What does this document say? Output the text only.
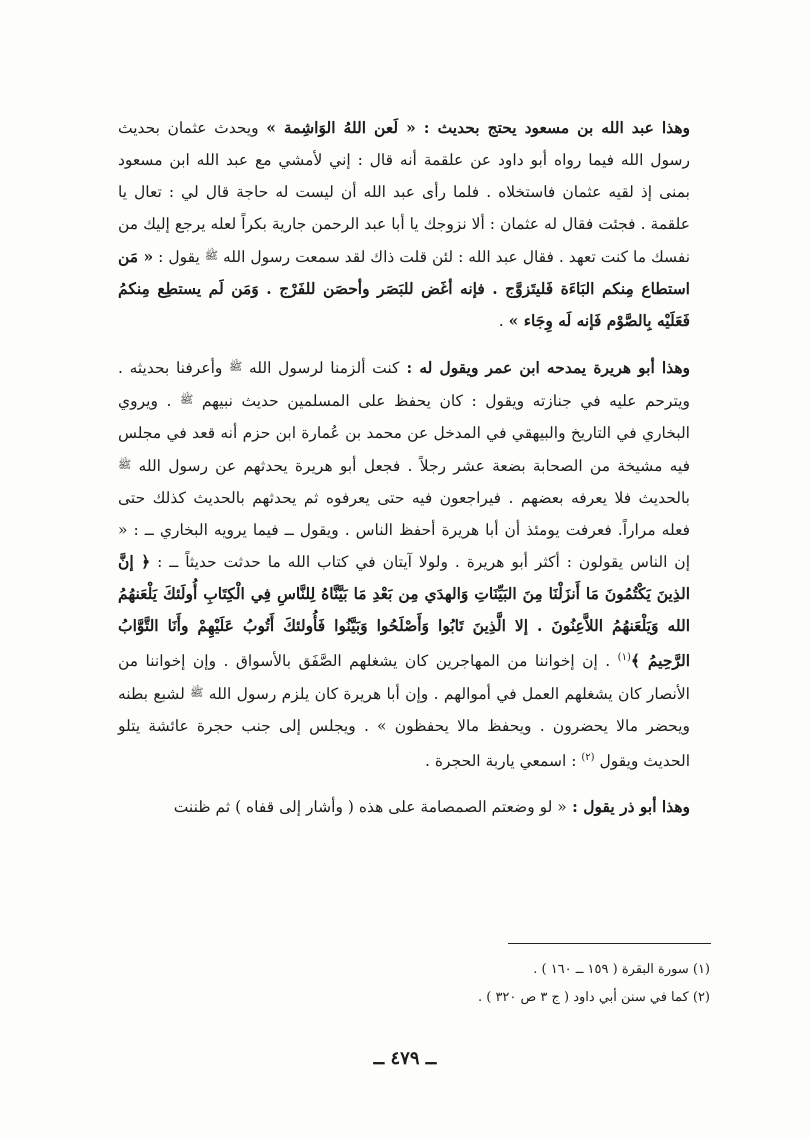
وهذا عبد الله بن مسعود يحتج بحديث : « لَعن اللهُ الوَاشِمة » ويحدث عثمان بحديث رسول الله فيما رواه أبو داود عن علقمة أنه قال : إني لأمشي مع عبد الله ابن مسعود بمنى إذ لقيه عثمان فاستخلاه . فلما رأى عبد الله أن ليست له حاجة قال لي : تعال يا علقمة . فجئت فقال له عثمان : ألا نزوجك يا أبا عبد الرحمن جارية بكراً لعله يرجع إليك من نفسك ما كنت تعهد . فقال عبد الله : لئن قلت ذاك لقد سمعت رسول الله ﷺ يقول : « مَن استطاع مِنكم البَاءَة فَليتَزوَّج . فإنه أغَض للبَصَر وأحصَن للفَرْج . وَمَن لَم يستطِع مِنكمُ فَعَلَيْه بِالصَّوْم فَإنه لَه وِجَاء » .

وهذا أبو هريرة يمدحه ابن عمر ويقول له : كنت ألزمنا لرسول الله ﷺ وأعرفنا بحديثه . ويترحم عليه في جنازته ويقول : كان يحفظ على المسلمين حديث نبيهم ﷺ . ويروي البخاري في التاريخ والبيهقي في المدخل عن محمد بن عُمارة ابن حزم أنه قعد في مجلس فيه مشيخة من الصحابة بضعة عشر رجلاً . فجعل أبو هريرة يحدثهم عن رسول الله ﷺ بالحديث فلا يعرفه بعضهم . فيراجعون فيه حتى يعرفوه ثم يحدثهم بالحديث كذلك حتى فعله مراراً. فعرفت يومئذ أن أبا هريرة أحفظ الناس . ويقول ــ فيما يرويه البخاري ــ : « إن الناس يقولون : أكثر أبو هريرة . ولولا آيتان في كتاب الله ما حدثت حديثاً ــ : ﴿ إنَّ الذِينَ يَكْتُمُونَ مَا أَنزَلْنَا مِنَ البَيِّنَاتِ وَالهدَي مِن بَعْدِ مَا بَيَّنَّاهُ لِلنَّاسِ فِي الْكِتَابِ أُولَئكَ يَلْعَنهُمُ الله وَيَلْعَنهُمُ اللاَّعِنُونَ . إلا الَّذِينَ تَابُوا وَأَصْلَحُوا وَبَيَّنُوا فَأُولئكَ أَتُوبُ عَلَيْهِمْ وأَنَا التَّوَّابُ الرَّحِيمُ ﴾$^{(١)}$ . إن إخواننا من المهاجرين كان يشغلهم الصَّفَق بالأسواق . وإن إخواننا من الأنصار كان يشغلهم العمل في أموالهم . وإن أبا هريرة كان يلزم رسول الله ﷺ لشبع بطنه ويحضر مالا يحضرون . ويحفظ مالا يحفظون » . ويجلس إلى جنب حجرة عائشة يتلو الحديث ويقول $^{(٢)}$ : اسمعي ياربة الحجرة .

وهذا أبو ذر يقول : « لو وضعتم الصمصامة على هذه ( وأشار إلى قفاه ) ثم ظننت

(١) سورة البقرة ( ١٥٩ ــ ١٦٠ ) .

(٢) كما في سنن أبي داود ( ج ٣ ص ٣٢٠ ) .

ــ ٤٧٩ ــ
